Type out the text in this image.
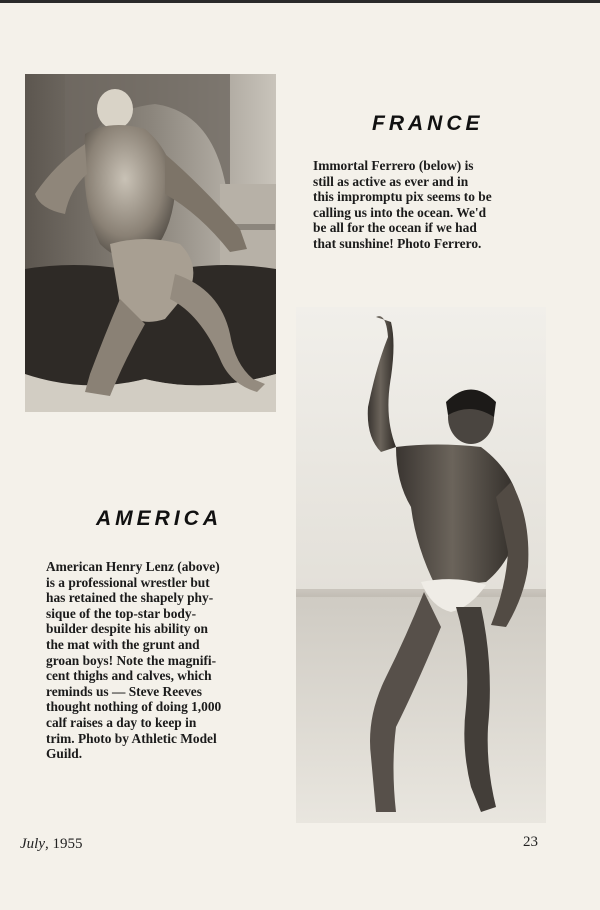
FRANCE
Immortal Ferrero (below) is
still as active as ever and in
this impromptu pix seems to be
calling us into the ocean. We'd
be all for the ocean if we had
that sunshine! Photo Ferrero.
AMERICA
American Henry Lenz (above)
is a professional wrestler but
has retained the shapely phy-
sique of the top-star body-
builder despite his ability on
the mat with the grunt and
groan boys! Note the magnifi-
cent thighs and calves, which
reminds us — Steve Reeves
thought nothing of doing 1,000
calf raises a day to keep in
trim. Photo by Athletic Model
Guild.
July, 1955	23
